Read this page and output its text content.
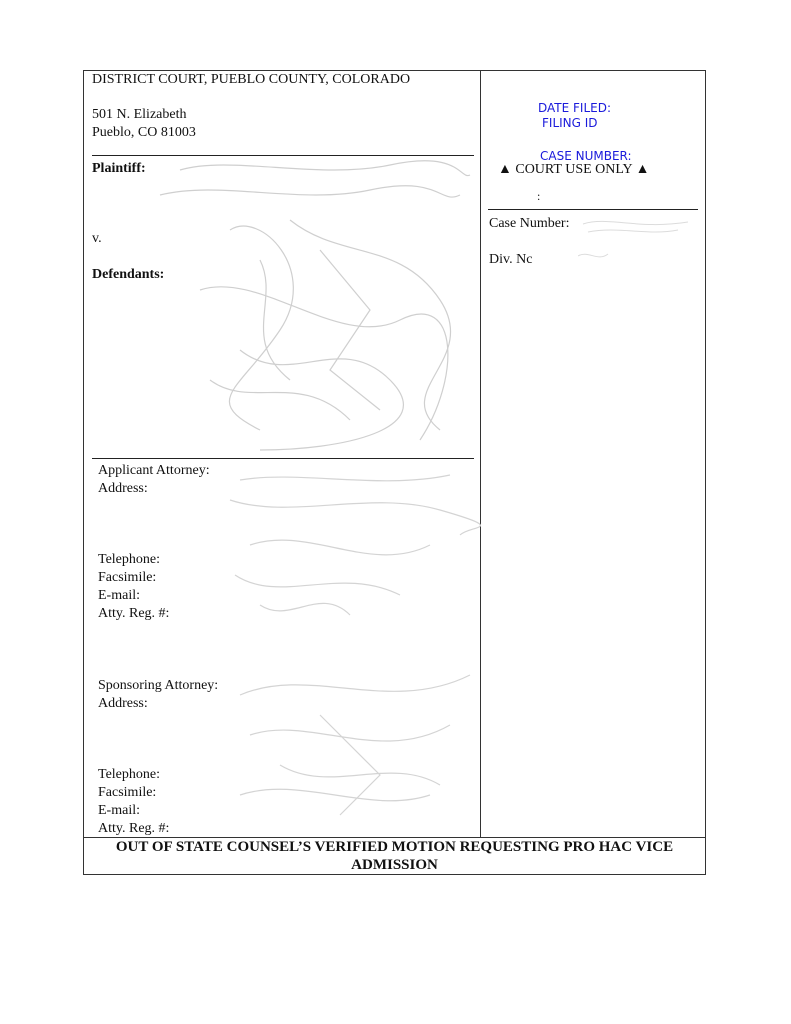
DISTRICT COURT, PUEBLO COUNTY, COLORADO
501 N. Elizabeth
Pueblo, CO 81003
Plaintiff:
v.
Defendants:
Applicant Attorney:
Address:
Telephone:
Facsimile:
E-mail:
Atty. Reg. #:
Sponsoring Attorney:
Address:
Telephone:
Facsimile:
E-mail:
Atty. Reg. #:
DATE FILED:
FILING ID
CASE NUMBER:
▲ COURT USE ONLY ▲
:
Case Number:
Div. Nc
OUT OF STATE COUNSEL’S VERIFIED MOTION REQUESTING PRO HAC VICE
ADMISSION
